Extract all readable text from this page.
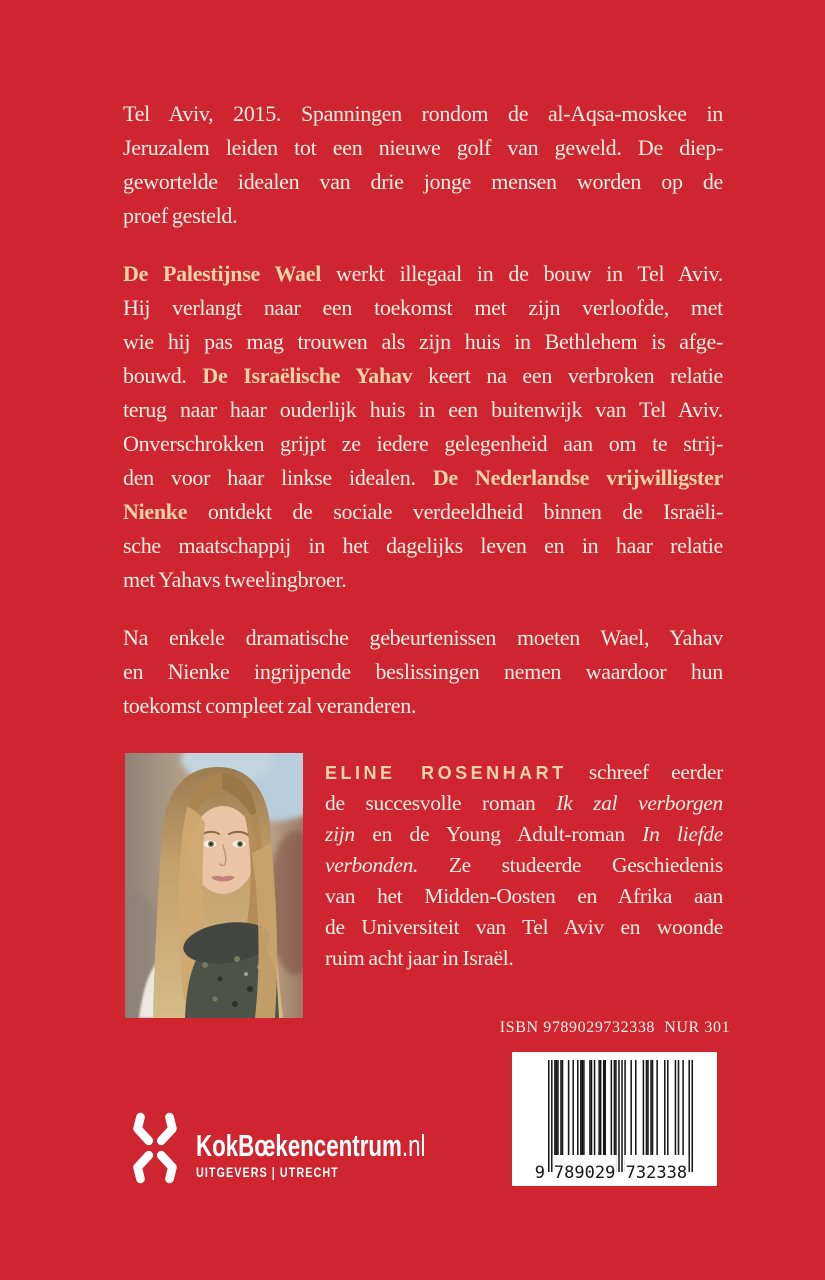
Tel Aviv, 2015. Spanningen rondom de al-Aqsa-moskee in
Jeruzalem leiden tot een nieuwe golf van geweld. De diep-
gewortelde idealen van drie jonge mensen worden op de
proef gesteld.
De Palestijnse Wael werkt illegaal in de bouw in Tel Aviv.
Hij verlangt naar een toekomst met zijn verloofde, met
wie hij pas mag trouwen als zijn huis in Bethlehem is afge-
bouwd. De Israëlische Yahav keert na een verbroken relatie
terug naar haar ouderlijk huis in een buitenwijk van Tel Aviv.
Onverschrokken grijpt ze iedere gelegenheid aan om te strij-
den voor haar linkse idealen. De Nederlandse vrijwilligster
Nienke ontdekt de sociale verdeeldheid binnen de Israëli-
sche maatschappij in het dagelijks leven en in haar relatie
met Yahavs tweelingbroer.
Na enkele dramatische gebeurtenissen moeten Wael, Yahav
en Nienke ingrijpende beslissingen nemen waardoor hun
toekomst compleet zal veranderen.
ELINE ROSENHART schreef eerder
de succesvolle roman Ik zal verborgen
zijn en de Young Adult-roman In liefde
verbonden. Ze studeerde Geschiedenis
van het Midden-Oosten en Afrika aan
de Universiteit van Tel Aviv en woonde
ruim acht jaar in Israël.
ISBN 9789029732338  NUR 301
9 789029 732338
KokBœkencentrum.nl
UITGEVERS | UTRECHT
